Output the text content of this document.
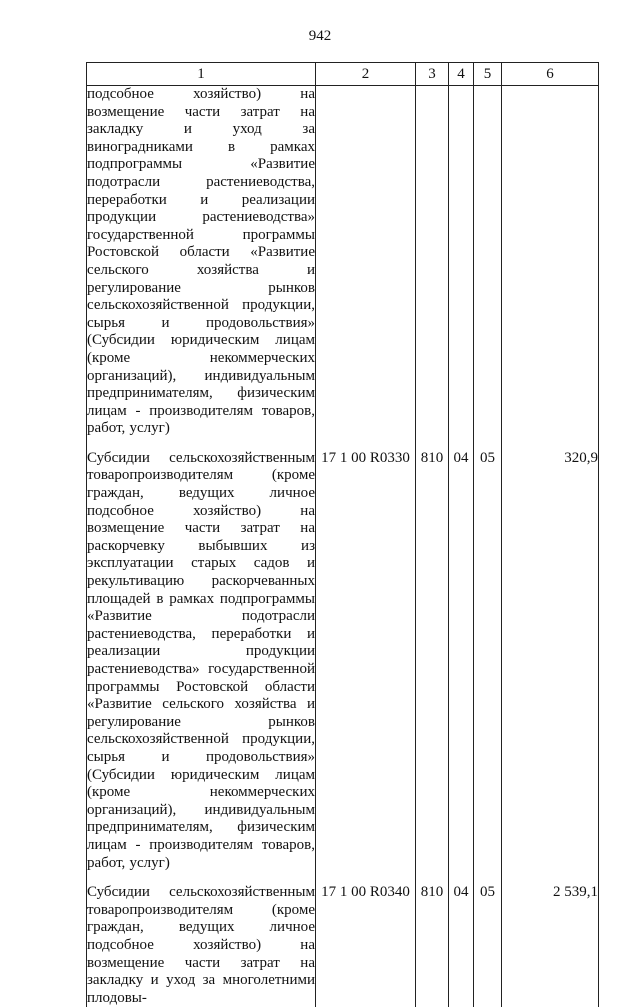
942
1	2	3	4	5	6

подсобное хозяйство) на возмещение части затрат на закладку и уход за виноградниками в рамках подпрограммы «Развитие подотрасли растениеводства, переработки и реализации продукции растениеводства» государственной программы Ростовской области «Развитие сельского хозяйства и регулирование рынков сельскохозяйственной продукции, сырья и продовольствия» (Субсидии юридическим лицам (кроме некоммерческих организаций), индивидуальным предпринимателям, физическим лицам - производителям товаров, работ, услуг)					

Субсидии сельскохозяйственным товаропроизводителям (кроме граждан, ведущих личное подсобное хозяйство) на возмещение части затрат на раскорчевку выбывших из эксплуатации старых садов и рекультивацию раскорчеванных площадей в рамках подпрограммы «Развитие подотрасли растениеводства, переработки и реализации продукции растениеводства» государственной программы Ростовской области «Развитие сельского хозяйства и регулирование рынков сельскохозяйственной продукции, сырья и продовольствия» (Субсидии юридическим лицам (кроме некоммерческих организаций), индивидуальным предпринимателям, физическим лицам - производителям товаров, работ, услуг)	17 1 00 R0330	810	04	05	320,9

Субсидии сельскохозяйственным товаропроизводителям (кроме граждан, ведущих личное подсобное хозяйство) на возмещение части затрат на закладку и уход за многолетними плодовы-	17 1 00 R0340	810	04	05	2 539,1
